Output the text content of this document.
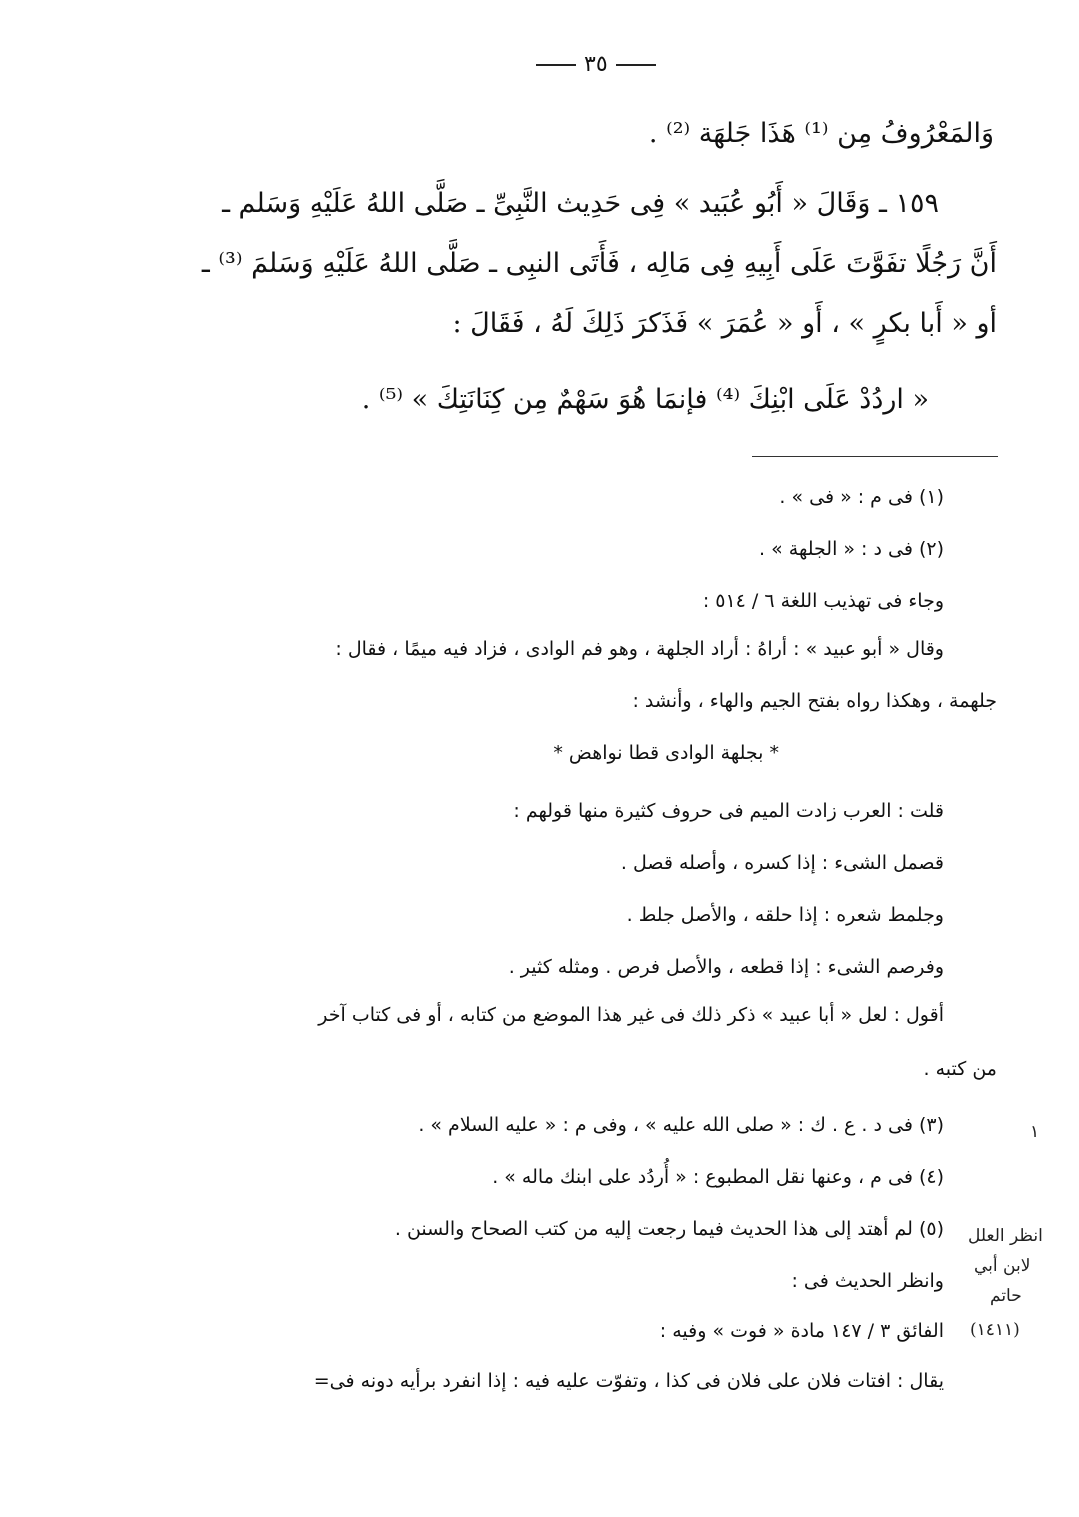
٣٥
وَالمَعْرُوفُ مِن ⁽¹⁾ هَذَا جَلهَة ⁽²⁾ .
١٥٩ ـ وَقَالَ « أَبُو عُبَيد » فِى حَدِيث النَّبِىِّ ـ صَلَّى اللهُ عَلَيْهِ وَسَلم ـ
أَنَّ رَجُلًا تفَوَّتَ عَلَى أَبِيهِ فِى مَالِه ، فَأَتَى النبِى ـ صَلَّى اللهُ عَلَيْهِ وَسَلمَ ⁽³⁾ ـ
أو « أَبا بكرٍ » ، أَو « عُمَرَ » فَذَكرَ ذَلِكَ لَهُ ، فَقَالَ :
« اردُدْ عَلَى ابْنِكَ ⁽⁴⁾ فإنمَا هُوَ سَهْمٌ مِن كِنَانَتِكَ » ⁽⁵⁾ .
(١) فى م : « فى » .
(٢) فى د : « الجلهة » .
وجاء فى تهذيب اللغة ٦ / ٥١٤ :
وقال « أبو عبيد » : أراهُ : أراد الجلهة ، وهو فم الوادى ، فزاد فيه ميمًا ، فقال :
جلهمة ، وهكذا رواه بفتح الجيم والهاء ، وأنشد :
* بجلهة الوادى قطا نواهض *
قلت : العرب زادت الميم فى حروف كثيرة منها قولهم :
قصمل الشىء : إذا كسره ، وأصله قصل .
وجلمط شعره : إذا حلقه ، والأصل جلط .
وفرصم الشىء : إذا قطعه ، والأصل فرص . ومثله كثير .
أقول : لعل « أبا عبيد » ذكر ذلك فى غير هذا الموضع من كتابه ، أو فى كتاب آخر
من كتبه .
(٣) فى د . ع . ك : « صلى الله عليه » ، وفى م : « عليه السلام » .
(٤) فى م ، وعنها نقل المطبوع : « أُردُد على ابنك ماله » .
(٥) لم أهتد إلى هذا الحديث فيما رجعت إليه من كتب الصحاح والسنن .
وانظر الحديث فى :
الفائق ٣ / ١٤٧ مادة « فوت » وفيه :
يقال : افتات فلان على فلان فى كذا ، وتفوّت عليه فيه : إذا انفرد برأيه دونه فى=
١
انظر العلل
لابن أبي
حاتم
(١٤١١)
